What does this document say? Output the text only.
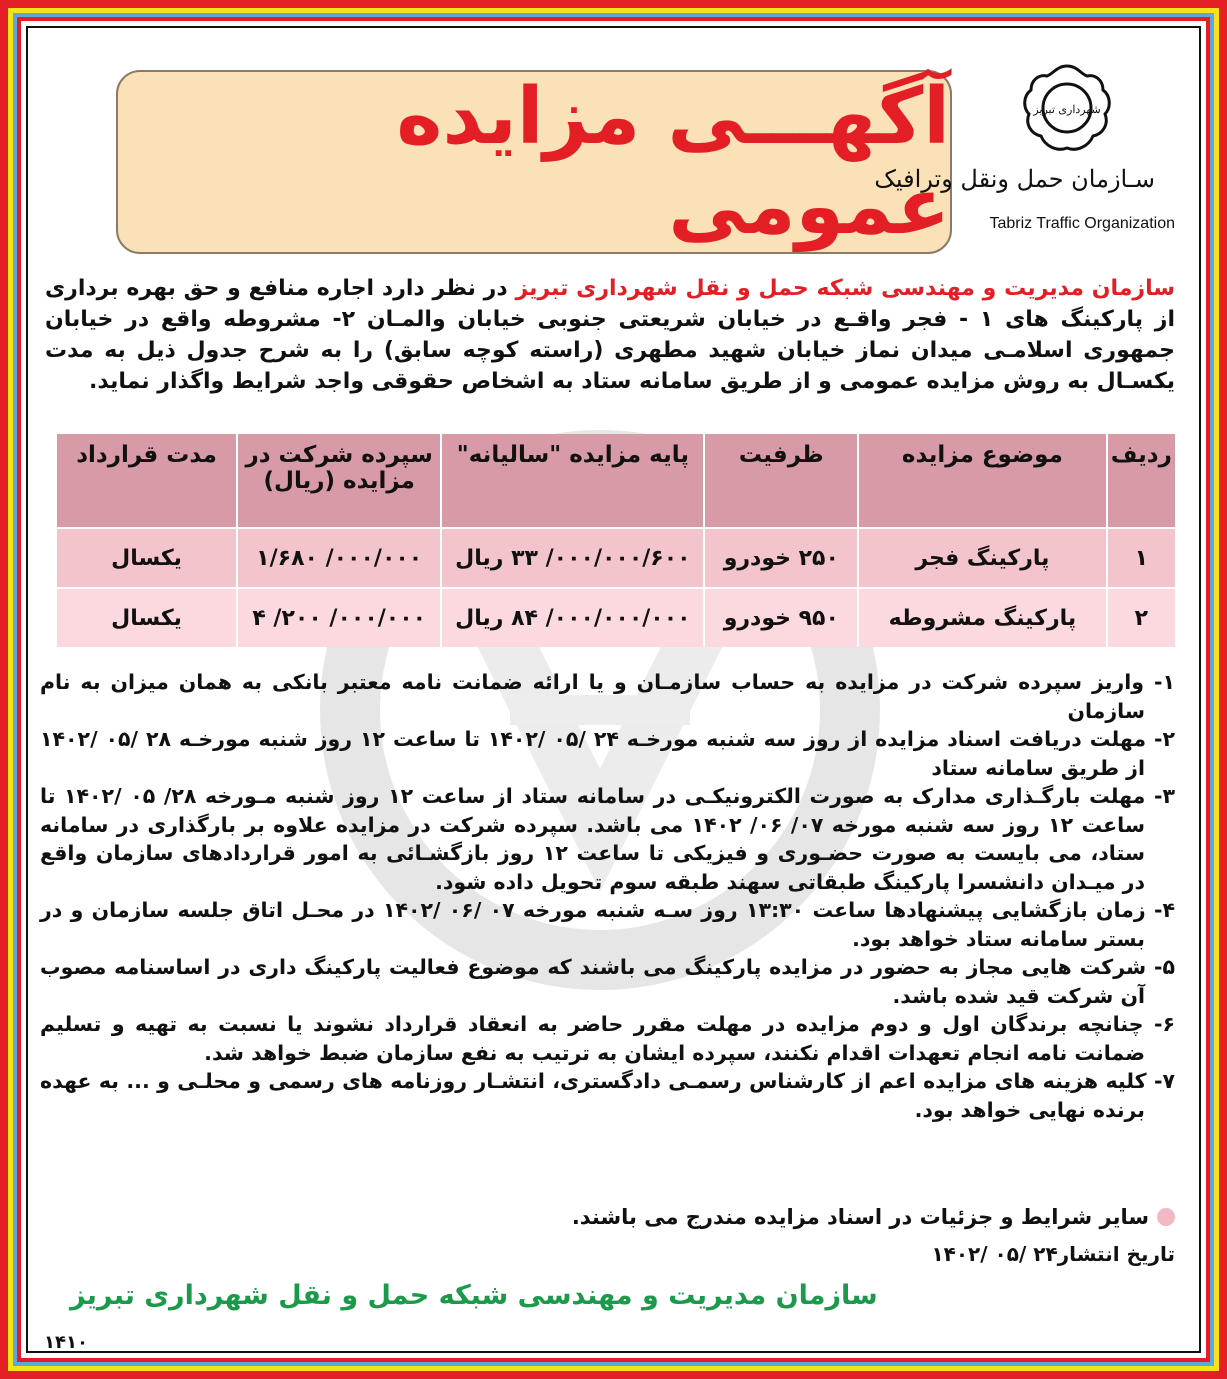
آگهـــی مزایده عمومی
شهرداری تبریز
سـازمان حمل ونقل وترافیک
Tabriz Traffic Organization
سازمان مدیریت و مهندسی شبکه حمل و نقل شهرداری تبریز در نظر دارد اجاره منافع و حق بهره برداری از پارکینگ های ۱ - فجر واقـع در خیابان شریعتی جنوبی خیابان والمـان ۲- مشروطه واقع در خیابان جمهوری اسلامـی میدان نماز خیابان شهید مطهری (راسته کوچه سابق) را به شرح جدول ذیل به مدت یکسـال به روش مزایده عمومی و از طریق سامانه ستاد به اشخاص حقوقی واجد شرایط واگذار نماید.
ردیف	موضوع مزایده	ظرفیت	پایه مزایده "سالیانه"	سپرده شرکت در مزایده (ریال)	مدت قرارداد
۱	پارکینگ فجر	۲۵۰ خودرو	۰۰۰/۰۰۰/۶۰۰/ ۳۳ ریال	۰۰۰/۰۰۰/ ۱/۶۸۰	یکسال
۲	پارکینگ مشروطه	۹۵۰ خودرو	۰۰۰/۰۰۰/۰۰۰/ ۸۴ ریال	۰۰۰/۰۰۰/ ۲۰۰/ ۴	یکسال

۱- واریز سپرده شرکت در مزایده به حساب سازمـان و یا ارائه ضمانت نامه معتبر بانکی به همان میزان به نام سازمان

۲- مهلت دریافت اسناد مزایده از روز سه شنبه مورخـه ۲۴ /۰۵ /۱۴۰۲ تا ساعت ۱۲ روز شنبه مورخـه ۲۸ /۰۵ /۱۴۰۲ از طریق سامانه ستاد

۳- مهلت بارگـذاری مدارک به صورت الکترونیکـی در سامانه ستاد از ساعت ۱۲ روز شنبه مـورخه ۲۸/ ۰۵ /۱۴۰۲ تا ساعت ۱۲ روز سه شنبه مورخه ۰۷/ ۰۶/ ۱۴۰۲ می باشد. سپرده شرکت در مزایده علاوه بر بارگذاری در سامانه ستاد، می بایست به صورت حضـوری و فیزیکی تا ساعت ۱۲ روز بازگشـائی به امور قراردادهای سازمان واقع در میـدان دانشسرا پارکینگ طبقاتی سهند طبقه سوم تحویل داده شود.

۴- زمان بازگشایی پیشنهادها ساعت ۱۳:۳۰ روز سـه شنبه مورخه ۰۷ /۰۶ /۱۴۰۲ در محـل اتاق جلسه سازمان و در بستر سامانه ستاد خواهد بود.

۵- شرکت هایی مجاز به حضور در مزایده پارکینگ می باشند که موضوع فعالیت پارکینگ داری در اساسنامه مصوب آن شرکت قید شده باشد.

۶- چنانچه برندگان اول و دوم مزایده در مهلت مقرر حاضر به انعقاد قرارداد نشوند یا نسبت به تهیه و تسلیم ضمانت نامه انجام تعهدات اقدام نکنند، سپرده ایشان به ترتیب به نفع سازمان ضبط خواهد شد.

۷- کلیه هزینه های مزایده اعم از کارشناس رسمـی دادگستری، انتشـار روزنامه های رسمی و محلـی و ... به عهده برنده نهایی خواهد بود.

سایر شرایط و جزئیات در اسناد مزایده مندرج می باشند.
تاریخ انتشار۲۴ /۰۵ /۱۴۰۲
سازمان مدیریت و مهندسی شبکه حمل و نقل شهرداری تبریز
۱۴۱۰
